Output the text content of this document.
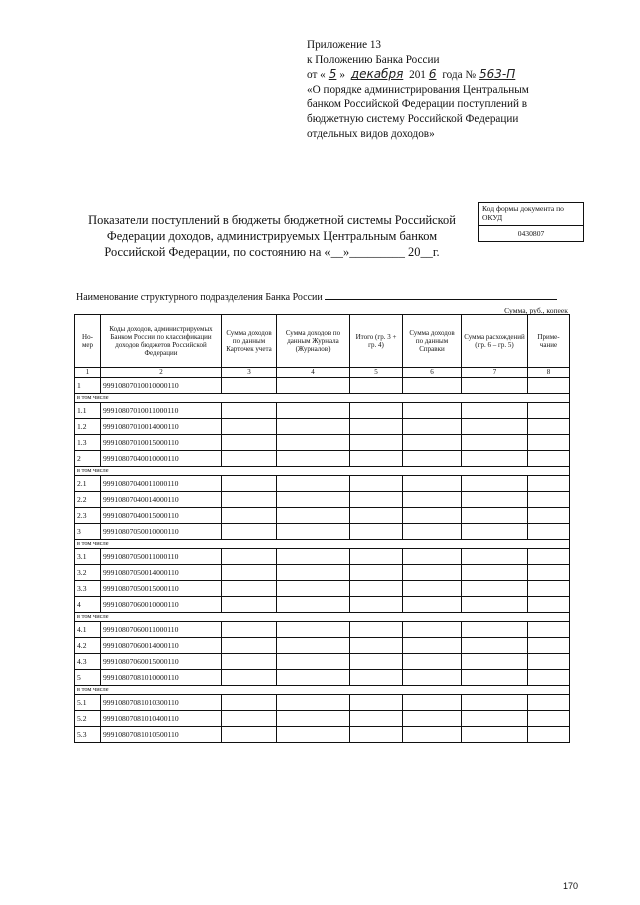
Приложение 13
к Положению Банка России
от « 5 » декабря 201 6 года № 563-П
«О порядке администрирования Центральным
банком Российской Федерации поступлений в
бюджетную систему Российской Федерации
отдельных видов доходов»
Код формы документа по ОКУД
0430807
Показатели поступлений в бюджеты бюджетной системы Российской
Федерации доходов, администрируемых Центральным банком
Российской Федерации, по состоянию на «__»_________ 20__г.
Наименование структурного подразделения Банка России
Сумма, руб., копеек
Но-мер	Коды доходов, администрируемых Банком России по классификации доходов бюджетов Российской Федерации	Сумма доходов по данным Карточек учета	Сумма доходов по данным Журнала (Журналов)	Итого (гр. 3 + гр. 4)	Сумма доходов по данным Справки	Сумма расхождений (гр. 6 – гр. 5)	Приме-чание
1	2	3	4	5	6	7	8
1	99910807010010000110						
в том числе							
1.1	99910807010011000110						
1.2	99910807010014000110						
1.3	99910807010015000110						
2	99910807040010000110						
в том числе							
2.1	99910807040011000110						
2.2	99910807040014000110						
2.3	99910807040015000110						
3	99910807050010000110						
в том числе							
3.1	99910807050011000110						
3.2	99910807050014000110						
3.3	99910807050015000110						
4	99910807060010000110						
в том числе							
4.1	99910807060011000110						
4.2	99910807060014000110						
4.3	99910807060015000110						
5	99910807081010000110						
в том числе							
5.1	99910807081010300110						
5.2	99910807081010400110						
5.3	99910807081010500110						
170
